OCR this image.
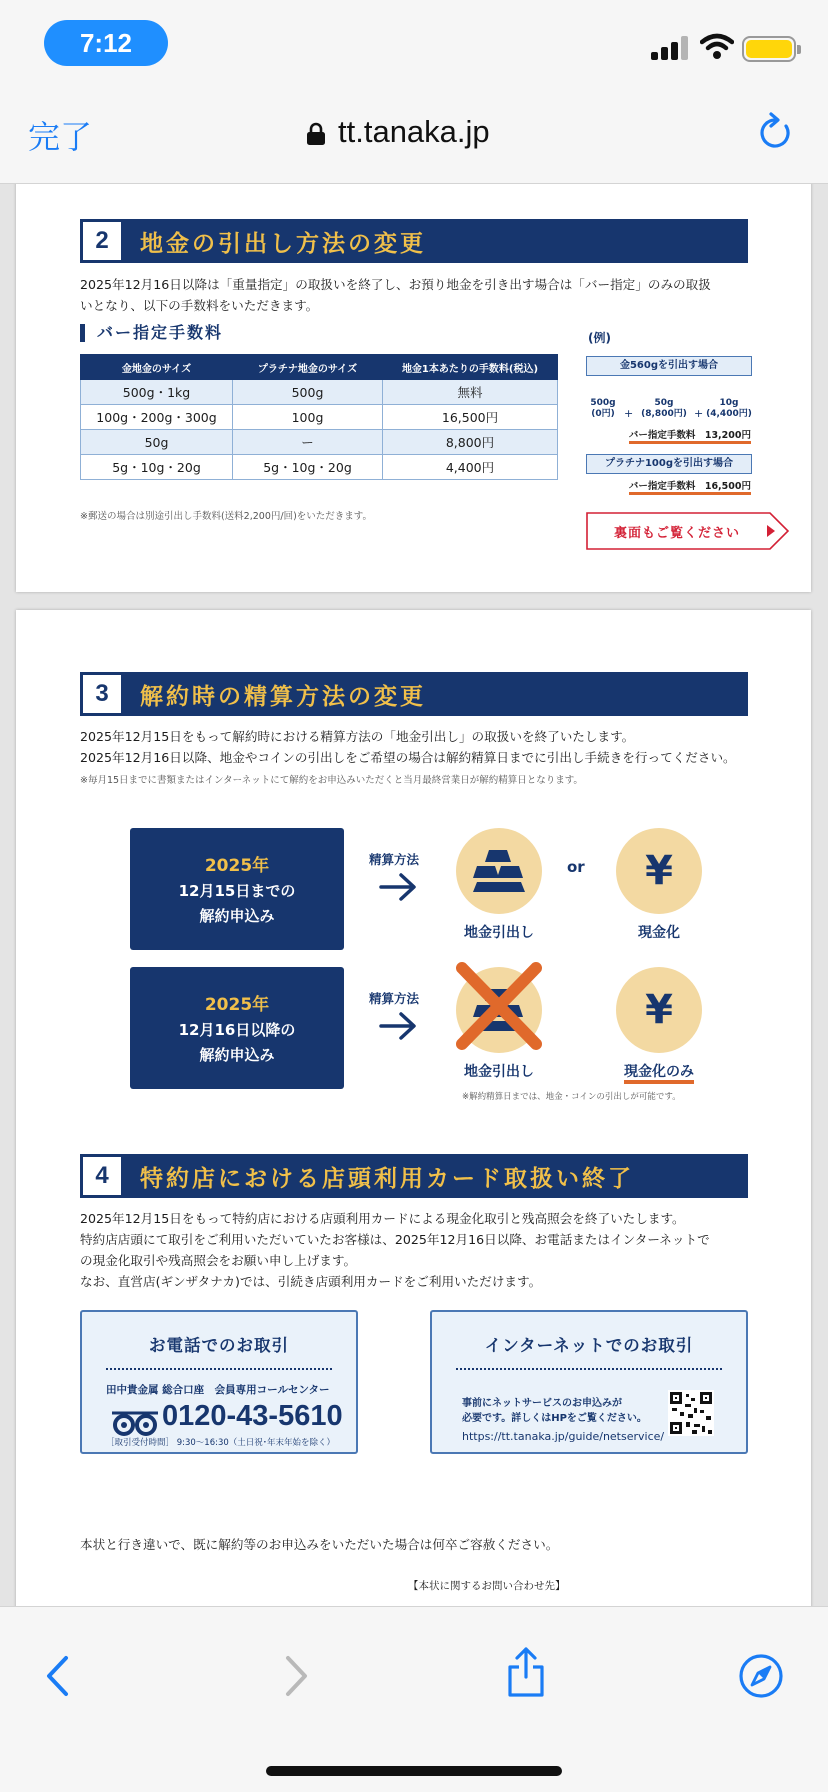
7:12
完了	tt.tanaka.jp
2	地金の引出し方法の変更
2025年12月16日以降は「重量指定」の取扱いを終了し、お預り地金を引き出す場合は「バー指定」のみの取扱
いとなり、以下の手数料をいただきます。
バー指定手数料
金地金のサイズ	プラチナ地金のサイズ	地金1本あたりの手数料(税込)
500g・1kg	500g	無料
100g・200g・300g	100g	16,500円
50g	ー	8,800円
5g・10g・20g	5g・10g・20g	4,400円
※郵送の場合は別途引出し手数料(送料2,200円/回)をいただきます。
(例)
金560gを引出す場合
500g
(0円) +
50g
(8,800円) +
10g
(4,400円)
バー指定手数料　13,200円
プラチナ100gを引出す場合
バー指定手数料　16,500円
裏面もご覧ください
3	解約時の精算方法の変更
2025年12月15日をもって解約時における精算方法の「地金引出し」の取扱いを終了いたします。
2025年12月16日以降、地金やコインの引出しをご希望の場合は解約精算日までに引出し手続きを行ってください。
※毎月15日までに書類またはインターネットにて解約をお申込みいただくと当月最終営業日が解約精算日となります。
2025年
12月15日までの
解約申込み
精算方法
地金引出し
or ¥
現金化
2025年
12月16日以降の
解約申込み
精算方法
地金引出し
¥
現金化のみ
※解約精算日までは、地金・コインの引出しが可能です。
4	特約店における店頭利用カード取扱い終了
2025年12月15日をもって特約店における店頭利用カードによる現金化取引と残高照会を終了いたします。
特約店店頭にて取引をご利用いただいていたお客様は、2025年12月16日以降、お電話またはインターネットで
の現金化取引や残高照会をお願い申し上げます。
なお、直営店(ギンザタナカ)では、引続き店頭利用カードをご利用いただけます。
お電話でのお取引
田中貴金属 総合口座　会員専用コールセンター
0120-43-5610
［取引受付時間］ 9:30～16:30（土日祝･年末年始を除く）
インターネットでのお取引
事前にネットサービスのお申込みが
必要です。詳しくはHPをご覧ください。
https://tt.tanaka.jp/guide/netservice/
本状と行き違いで、既に解約等のお申込みをいただいた場合は何卒ご容赦ください。
【本状に関するお問い合わせ先】
